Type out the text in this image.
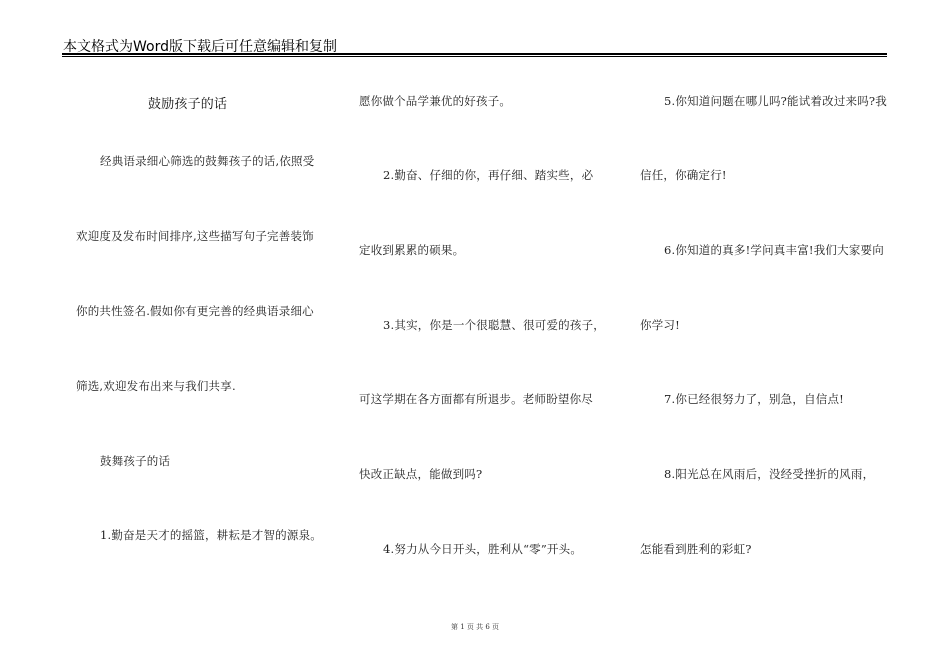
本文格式为Word版下载后可任意编辑和复制
鼓励孩子的话
经典语录细心筛选的鼓舞孩子的话,依照受
欢迎度及发布时间排序,这些描写句子完善装饰
你的共性签名.假如你有更完善的经典语录细心
筛选,欢迎发布出来与我们共享.
鼓舞孩子的话
1.勤奋是天才的摇篮，耕耘是才智的源泉。
愿你做个品学兼优的好孩子。
2.勤奋、仔细的你，再仔细、踏实些，必
定收到累累的硕果。
3.其实，你是一个很聪慧、很可爱的孩子，
可这学期在各方面都有所退步。老师盼望你尽
快改正缺点，能做到吗?
4.努力从今日开头，胜利从“零”开头。
5.你知道问题在哪儿吗?能试着改过来吗?我
信任，你确定行!
6.你知道的真多!学问真丰富!我们大家要向
你学习!
7.你已经很努力了，别急，自信点!
8.阳光总在风雨后，没经受挫折的风雨，
怎能看到胜利的彩虹?
第 1 页 共 6 页
